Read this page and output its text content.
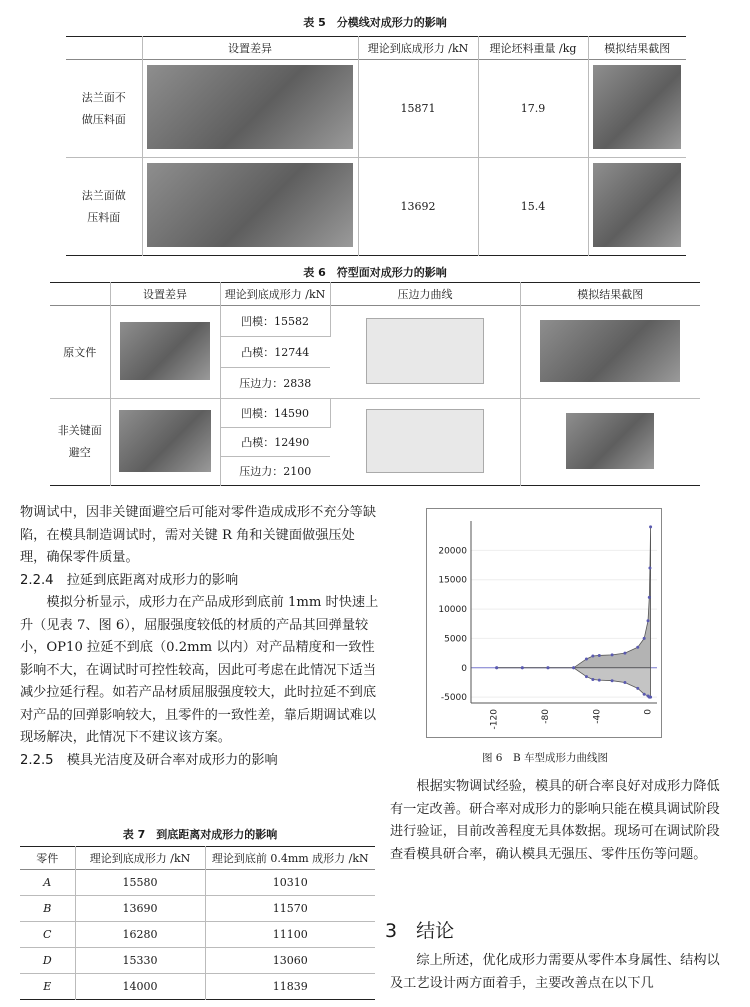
表 5　分模线对成形力的影响
	设置差异	理论到底成形力 /kN	理论坯料重量 /kg	模拟结果截图

法兰面不做压料面		15871	17.9	

法兰面做压料面		13692	15.4	
表 6　符型面对成形力的影响
	设置差异	理论到底成形力 /kN	压边力曲线	模拟结果截图
原文件		凹模：15582		
		凸模：12744		
		压边力：2838		

非关键面避空		凹模：14590		
		凸模：12490		
		压边力：2100		

物调试中，因非关键面避空后可能对零件造成成形不充分等缺陷，在模具制造调试时，需对关键 R 角和关键面做强压处理，确保零件质量。

2.2.4　拉延到底距离对成形力的影响

模拟分析显示，成形力在产品成形到底前 1mm 时快速上升（见表 7、图 6），屈服强度较低的材质的产品其回弹量较小，OP10 拉延不到底（0.2mm 以内）对产品精度和一致性影响不大，在调试时可控性较高，因此可考虑在此情况下适当减少拉延行程。如若产品材质屈服强度较大，此时拉延不到底对产品的回弹影响较大，且零件的一致性差，靠后期调试难以现场解决，此情况下不建议该方案。

2.2.5　模具光洁度及研合率对成形力的影响

表 7　到底距离对成形力的影响
零件	理论到底成形力 /kN	理论到底前 0.4mm 成形力 /kN
A	15580	10310
B	13690	11570
C	16280	11100
D	15330	13060
E	14000	11839
20000
15000
10000
5000
0
-5000
-120	-80	-40	0
图 6　B 车型成形力曲线图

根据实物调试经验，模具的研合率良好对成形力降低有一定改善。研合率对成形力的影响只能在模具调试阶段进行验证，目前改善程度无具体数据。现场可在调试阶段查看模具研合率，确认模具无强压、零件压伤等问题。

3　结论

综上所述，优化成形力需要从零件本身属性、结构以及工艺设计两方面着手，主要改善点在以下几
